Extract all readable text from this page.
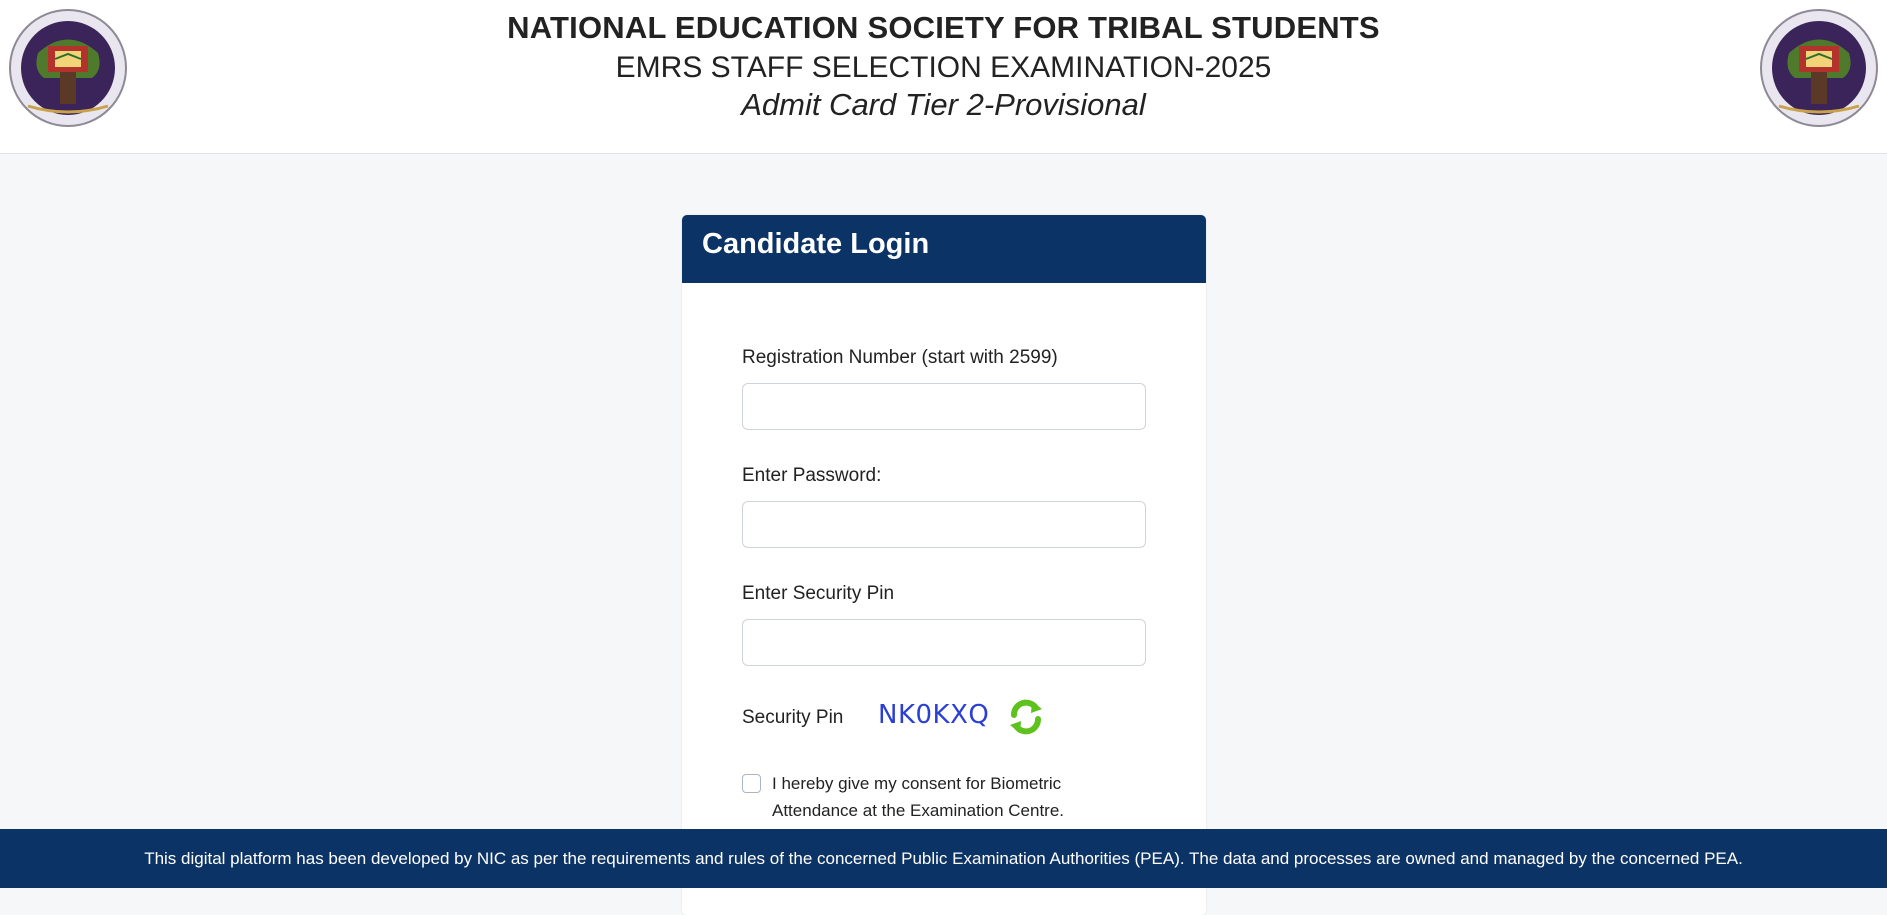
NATIONAL EDUCATION SOCIETY FOR TRIBAL STUDENTS
EMRS STAFF SELECTION EXAMINATION-2025
Admit Card Tier 2-Provisional
Candidate Login
Registration Number (start with 2599)
Enter Password:
Enter Security Pin
Security Pin NK0KXQ
I hereby give my consent for Biometric Attendance at the Examination Centre.
This digital platform has been developed by NIC as per the requirements and rules of the concerned Public Examination Authorities (PEA). The data and processes are owned and managed by the concerned PEA.
